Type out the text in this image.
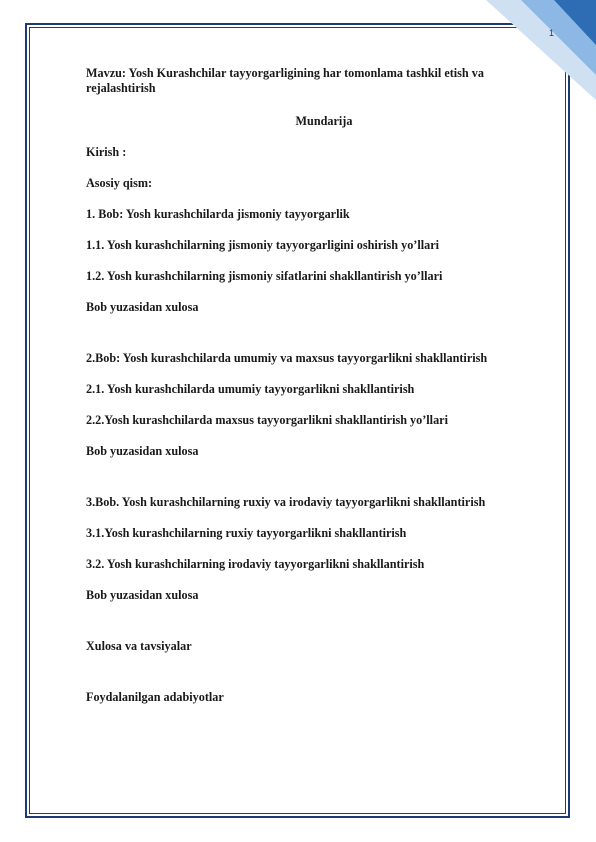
1

Mavzu: Yosh Kurashchilar tayyorgarligining har tomonlama tashkil etish va rejalashtirish

Mundarija

Kirish :

Asosiy qism:

1. Bob: Yosh kurashchilarda jismoniy tayyorgarlik

1.1. Yosh kurashchilarning jismoniy tayyorgarligini oshirish yo’llari

1.2. Yosh kurashchilarning jismoniy sifatlarini shakllantirish yo’llari

Bob yuzasidan xulosa

2.Bob: Yosh kurashchilarda umumiy va maxsus tayyorgarlikni shakllantirish

2.1. Yosh kurashchilarda umumiy tayyorgarlikni shakllantirish

2.2.Yosh kurashchilarda maxsus tayyorgarlikni shakllantirish yo’llari

Bob yuzasidan xulosa

3.Bob. Yosh kurashchilarning ruxiy va irodaviy tayyorgarlikni shakllantirish

3.1.Yosh kurashchilarning ruxiy tayyorgarlikni shakllantirish

3.2. Yosh kurashchilarning irodaviy tayyorgarlikni shakllantirish

Bob yuzasidan xulosa

Xulosa va tavsiyalar

Foydalanilgan adabiyotlar
